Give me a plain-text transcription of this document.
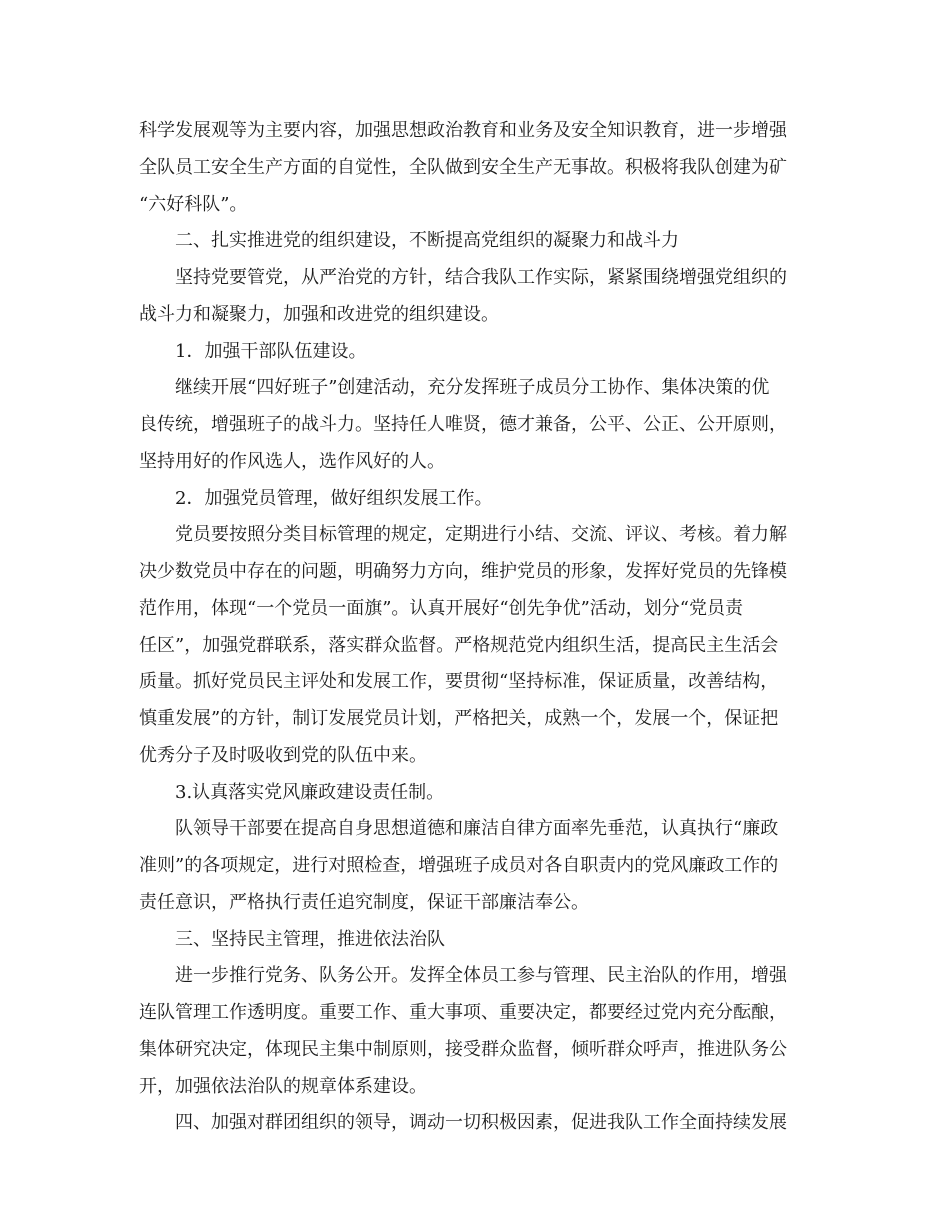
科学发展观等为主要内容，加强思想政治教育和业务及安全知识教育，进一步增强
全队员工安全生产方面的自觉性，全队做到安全生产无事故。积极将我队创建为矿
“六好科队”。
二、扎实推进党的组织建设，不断提高党组织的凝聚力和战斗力
坚持党要管党，从严治党的方针，结合我队工作实际，紧紧围绕增强党组织的
战斗力和凝聚力，加强和改进党的组织建设。
1．加强干部队伍建设。
继续开展“四好班子”创建活动，充分发挥班子成员分工协作、集体决策的优
良传统，增强班子的战斗力。坚持任人唯贤，德才兼备，公平、公正、公开原则，
坚持用好的作风选人，选作风好的人。
2．加强党员管理，做好组织发展工作。
党员要按照分类目标管理的规定，定期进行小结、交流、评议、考核。着力解
决少数党员中存在的问题，明确努力方向，维护党员的形象，发挥好党员的先锋模
范作用，体现“一个党员一面旗”。认真开展好“创先争优”活动，划分“党员责
任区”，加强党群联系，落实群众监督。严格规范党内组织生活，提高民主生活会
质量。抓好党员民主评处和发展工作，要贯彻“坚持标准，保证质量，改善结构，
慎重发展”的方针，制订发展党员计划，严格把关，成熟一个，发展一个，保证把
优秀分子及时吸收到党的队伍中来。
3.认真落实党风廉政建设责任制。
队领导干部要在提高自身思想道德和廉洁自律方面率先垂范，认真执行“廉政
准则”的各项规定，进行对照检查，增强班子成员对各自职责内的党风廉政工作的
责任意识，严格执行责任追究制度，保证干部廉洁奉公。
三、坚持民主管理，推进依法治队
进一步推行党务、队务公开。发挥全体员工参与管理、民主治队的作用，增强
连队管理工作透明度。重要工作、重大事项、重要决定，都要经过党内充分酝酿，
集体研究决定，体现民主集中制原则，接受群众监督，倾听群众呼声，推进队务公
开，加强依法治队的规章体系建设。
四、加强对群团组织的领导，调动一切积极因素，促进我队工作全面持续发展
